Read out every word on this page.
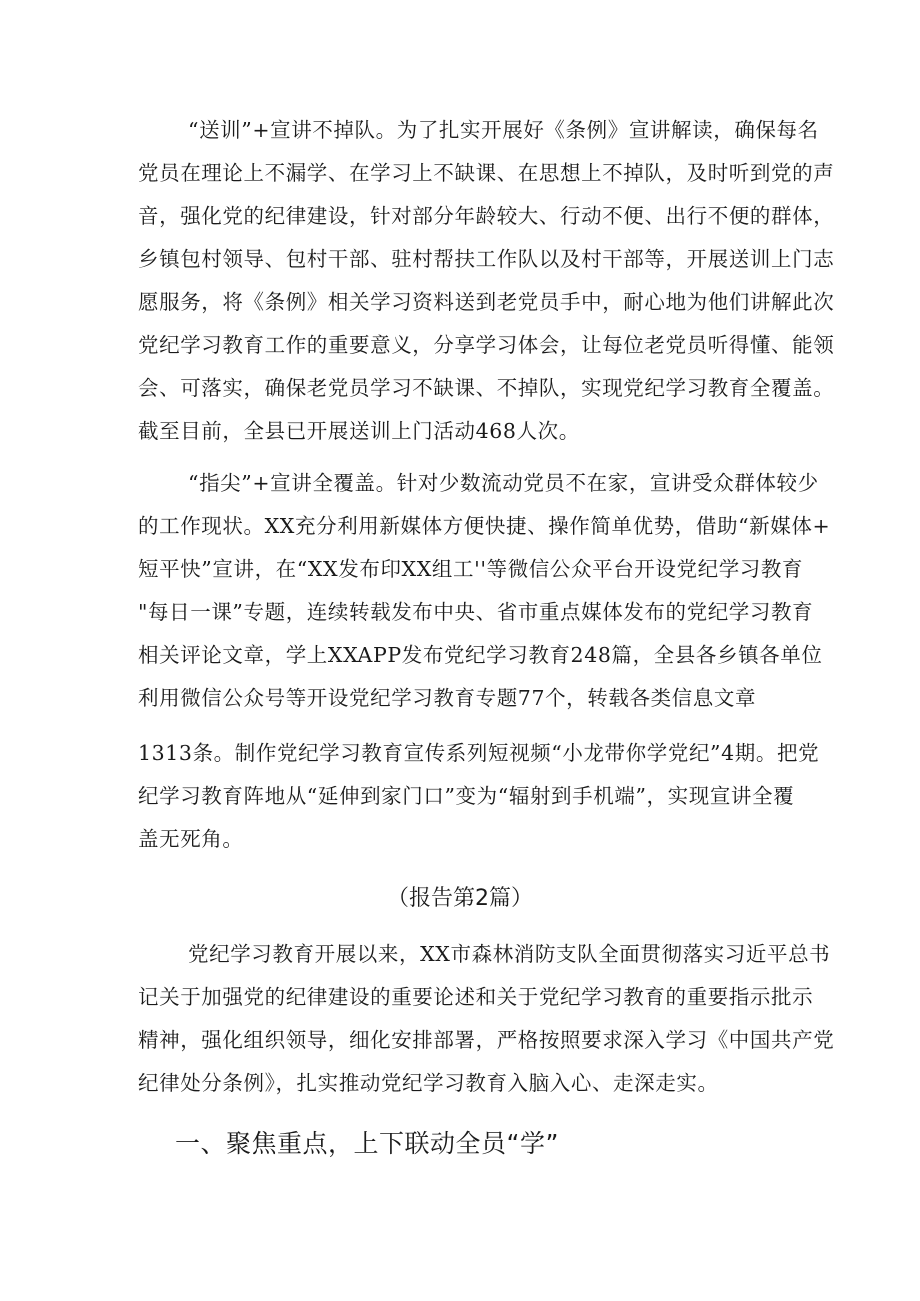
“送训”+宣讲不掉队。为了扎实开展好《条例》宣讲解读，确保每名
党员在理论上不漏学、在学习上不缺课、在思想上不掉队，及时听到党的声
音，强化党的纪律建设，针对部分年龄较大、行动不便、出行不便的群体，
乡镇包村领导、包村干部、驻村帮扶工作队以及村干部等，开展送训上门志
愿服务，将《条例》相关学习资料送到老党员手中，耐心地为他们讲解此次
党纪学习教育工作的重要意义，分享学习体会，让每位老党员听得懂、能领
会、可落实，确保老党员学习不缺课、不掉队，实现党纪学习教育全覆盖。
截至目前，全县已开展送训上门活动468人次。
“指尖”+宣讲全覆盖。针对少数流动党员不在家，宣讲受众群体较少
的工作现状。XX充分利用新媒体方便快捷、操作简单优势，借助“新媒体+
短平快”宣讲，在“XX发布印XX组工''等微信公众平台开设党纪学习教育
"每日一课”专题，连续转载发布中央、省市重点媒体发布的党纪学习教育
相关评论文章，学上XXAPP发布党纪学习教育248篇，全县各乡镇各单位
利用微信公众号等开设党纪学习教育专题77个，转载各类信息文章
1313条。制作党纪学习教育宣传系列短视频“小龙带你学党纪”4期。把党
纪学习教育阵地从“延伸到家门口”变为“辐射到手机端”，实现宣讲全覆
盖无死角。
（报告第2篇）
党纪学习教育开展以来，XX市森林消防支队全面贯彻落实习近平总书
记关于加强党的纪律建设的重要论述和关于党纪学习教育的重要指示批示
精神，强化组织领导，细化安排部署，严格按照要求深入学习《中国共产党
纪律处分条例》，扎实推动党纪学习教育入脑入心、走深走实。
一、聚焦重点，上下联动全员“学”
